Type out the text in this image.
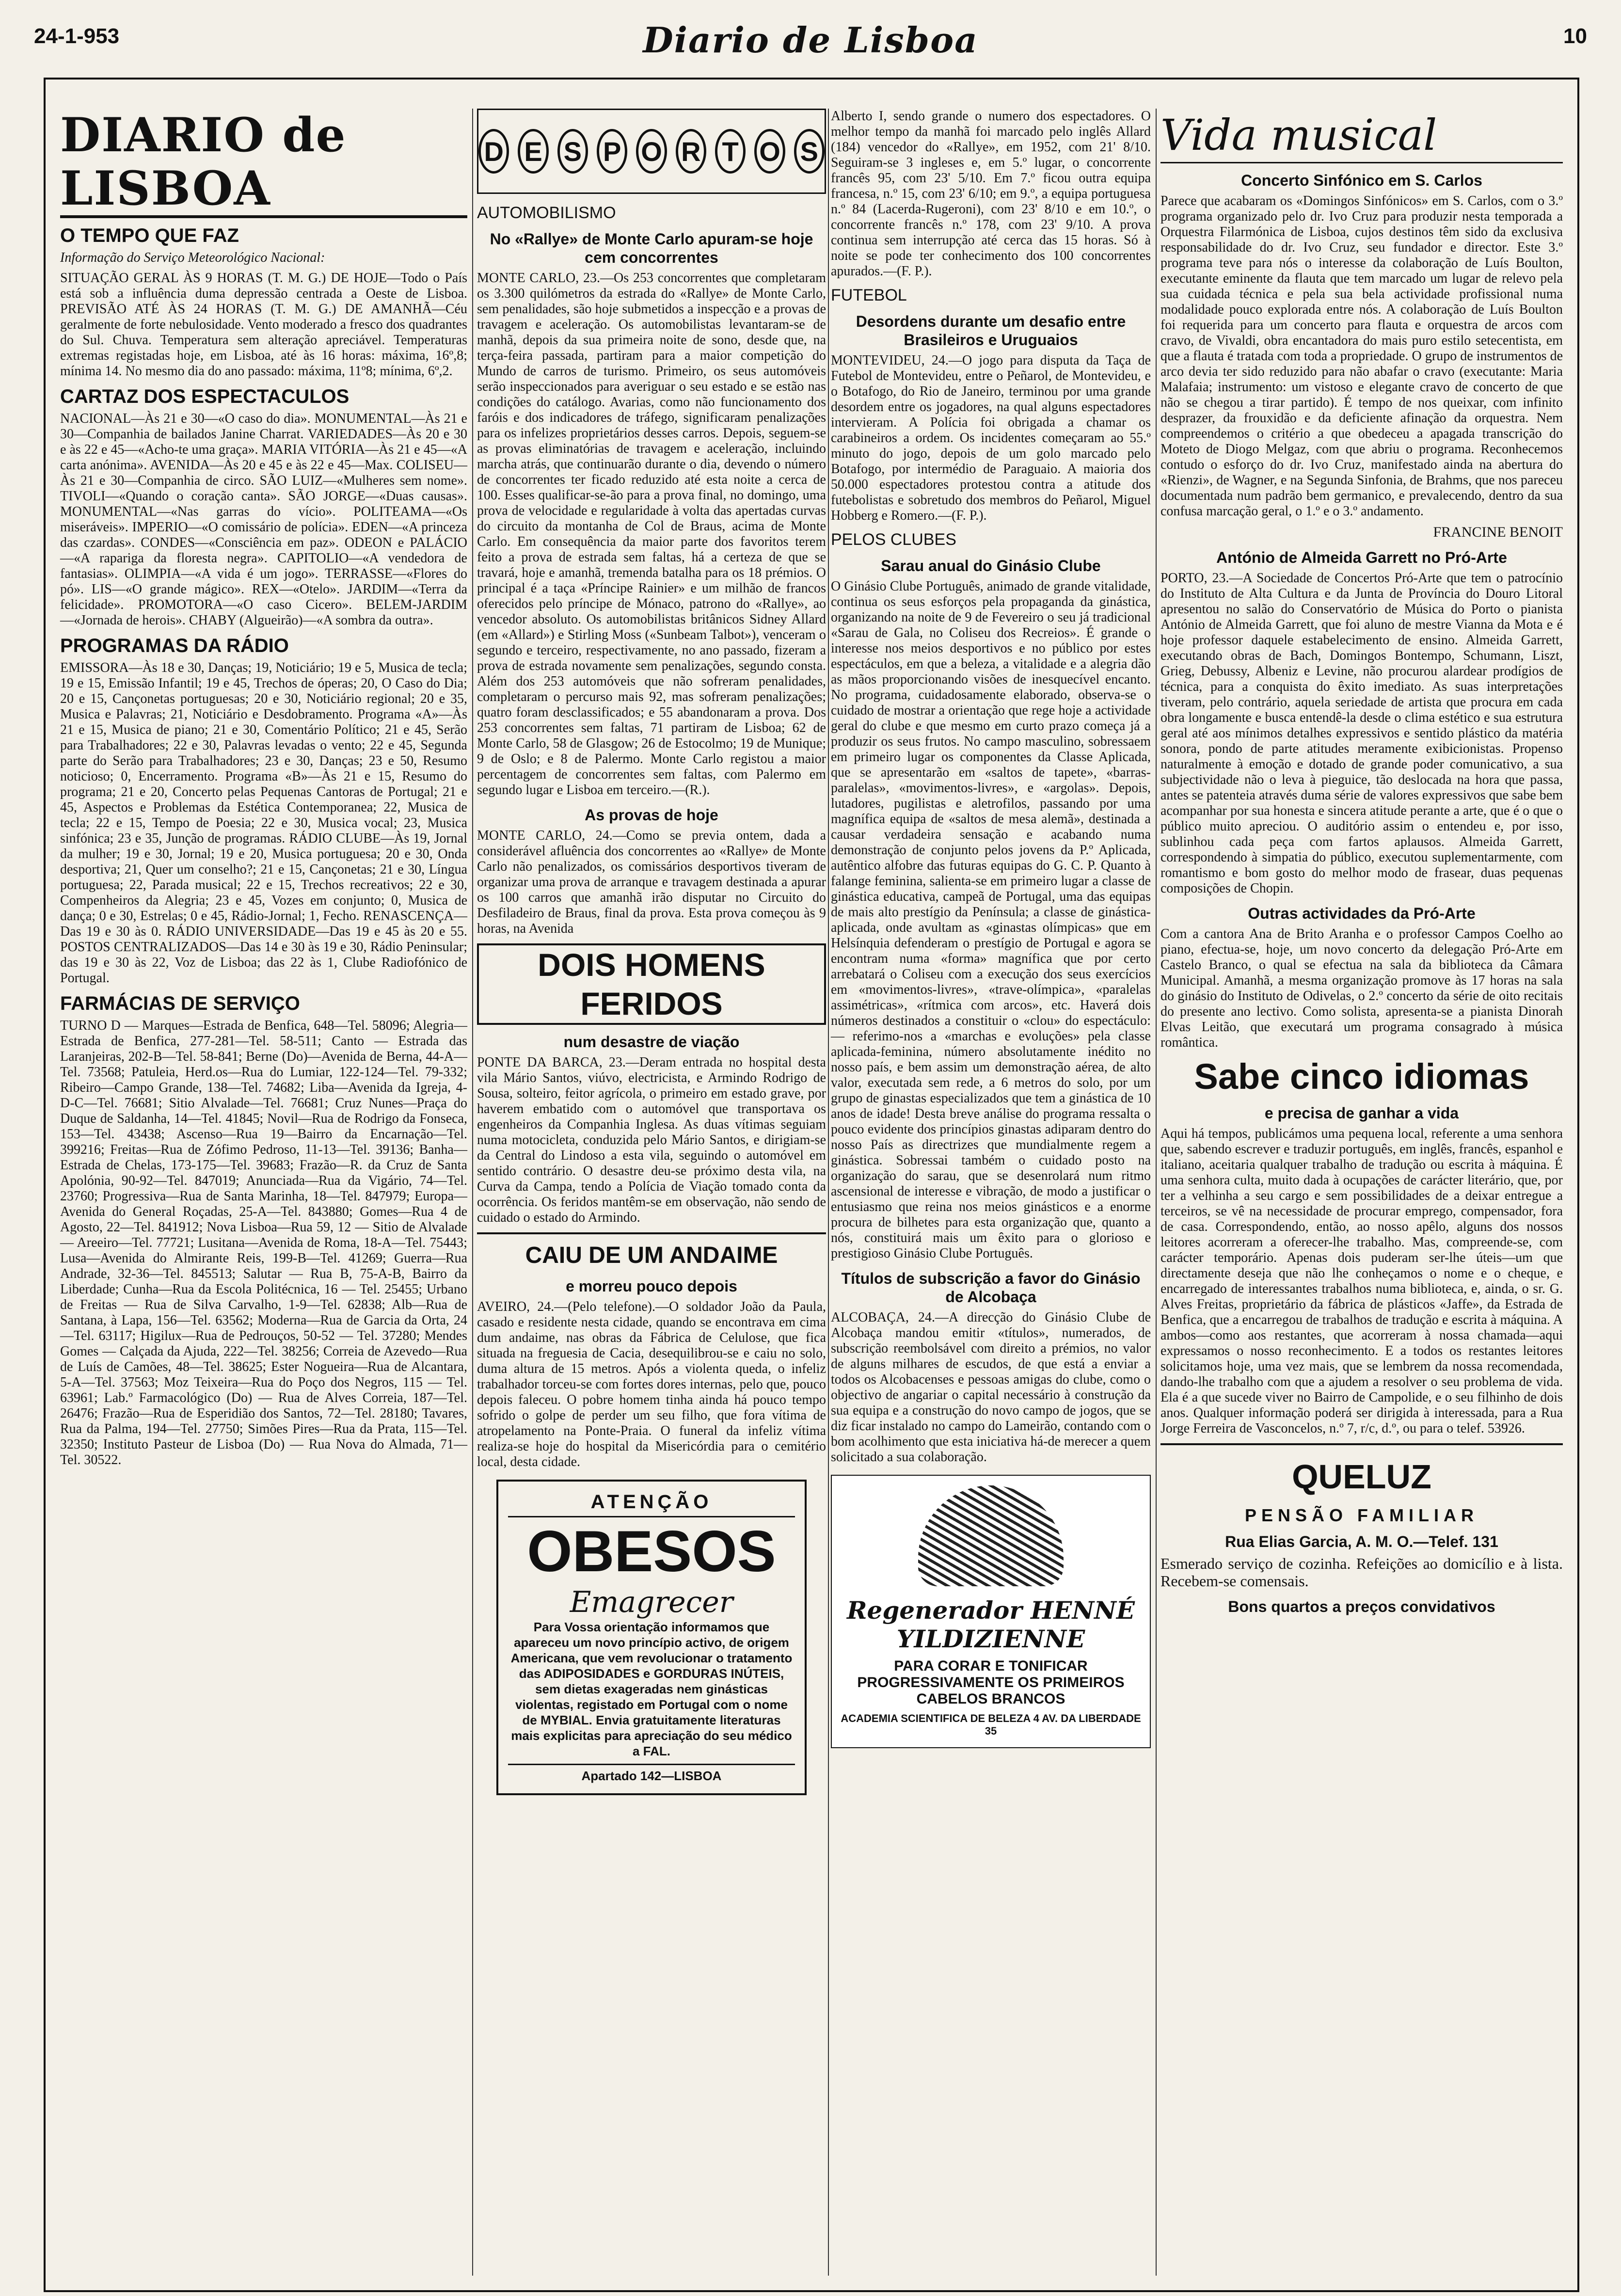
24-1-953	Diario de Lisboa	10
DIARIO de LISBOA
O TEMPO QUE FAZ

Informação do Serviço Meteorológico Nacional:

SITUAÇÃO GERAL ÀS 9 HORAS (T. M. G.) DE HOJE—Todo o País está sob a influência duma depressão centrada a Oeste de Lisboa. PREVISÃO ATÉ ÀS 24 HORAS (T. M. G.) DE AMANHÃ—Céu geralmente de forte nebulosidade. Vento moderado a fresco dos quadrantes do Sul. Chuva. Temperatura sem alteração apreciável. Temperaturas extremas registadas hoje, em Lisboa, até às 16 horas: máxima, 16º,8; mínima 14. No mesmo dia do ano passado: máxima, 11º8; mínima, 6º,2.

CARTAZ DOS ESPECTACULOS

NACIONAL—Às 21 e 30—«O caso do dia». MONUMENTAL—Às 21 e 30—Companhia de bailados Janine Charrat. VARIEDADES—Às 20 e 30 e às 22 e 45—«Acho-te uma graça». MARIA VITÓRIA—Às 21 e 45—«A carta anónima». AVENIDA—Às 20 e 45 e às 22 e 45—Max. COLISEU—Às 21 e 30—Companhia de circo. SÃO LUIZ—«Mulheres sem nome». TIVOLI—«Quando o coração canta». SÃO JORGE—«Duas causas». MONUMENTAL—«Nas garras do vício». POLITEAMA—«Os miseráveis». IMPERIO—«O comissário de polícia». EDEN—«A princeza das czardas». CONDES—«Consciência em paz». ODEON e PALÁCIO—«A rapariga da floresta negra». CAPITOLIO—«A vendedora de fantasias». OLIMPIA—«A vida é um jogo». TERRASSE—«Flores do pó». LIS—«O grande mágico». REX—«Otelo». JARDIM—«Terra da felicidade». PROMOTORA—«O caso Cicero». BELEM-JARDIM—«Jornada de herois». CHABY (Algueirão)—«A sombra da outra».

PROGRAMAS DA RÁDIO

EMISSORA—Às 18 e 30, Danças; 19, Noticiário; 19 e 5, Musica de tecla; 19 e 15, Emissão Infantil; 19 e 45, Trechos de óperas; 20, O Caso do Dia; 20 e 15, Cançonetas portuguesas; 20 e 30, Noticiário regional; 20 e 35, Musica e Palavras; 21, Noticiário e Desdobramento. Programa «A»—Às 21 e 15, Musica de piano; 21 e 30, Comentário Político; 21 e 45, Serão para Trabalhadores; 22 e 30, Palavras levadas o vento; 22 e 45, Segunda parte do Serão para Trabalhadores; 23 e 30, Danças; 23 e 50, Resumo noticioso; 0, Encerramento. Programa «B»—Às 21 e 15, Resumo do programa; 21 e 20, Concerto pelas Pequenas Cantoras de Portugal; 21 e 45, Aspectos e Problemas da Estética Contemporanea; 22, Musica de tecla; 22 e 15, Tempo de Poesia; 22 e 30, Musica vocal; 23, Musica sinfónica; 23 e 35, Junção de programas. RÁDIO CLUBE—Às 19, Jornal da mulher; 19 e 30, Jornal; 19 e 20, Musica portuguesa; 20 e 30, Onda desportiva; 21, Quer um conselho?; 21 e 15, Cançonetas; 21 e 30, Língua portuguesa; 22, Parada musical; 22 e 15, Trechos recreativos; 22 e 30, Compenheiros da Alegria; 23 e 45, Vozes em conjunto; 0, Musica de dança; 0 e 30, Estrelas; 0 e 45, Rádio-Jornal; 1, Fecho. RENASCENÇA—Das 19 e 30 às 0. RÁDIO UNIVERSIDADE—Das 19 e 45 às 20 e 55. POSTOS CENTRALIZADOS—Das 14 e 30 às 19 e 30, Rádio Peninsular; das 19 e 30 às 22, Voz de Lisboa; das 22 às 1, Clube Radiofónico de Portugal.

FARMÁCIAS DE SERVIÇO

TURNO D — Marques—Estrada de Benfica, 648—Tel. 58096; Alegria—Estrada de Benfica, 277-281—Tel. 58-511; Canto — Estrada das Laranjeiras, 202-B—Tel. 58-841; Berne (Do)—Avenida de Berna, 44-A—Tel. 73568; Patuleia, Herd.os—Rua do Lumiar, 122-124—Tel. 79-332; Ribeiro—Campo Grande, 138—Tel. 74682; Liba—Avenida da Igreja, 4-D-C—Tel. 76681; Sitio Alvalade—Tel. 76681; Cruz Nunes—Praça do Duque de Saldanha, 14—Tel. 41845; Novil—Rua de Rodrigo da Fonseca, 153—Tel. 43438; Ascenso—Rua 19—Bairro da Encarnação—Tel. 399216; Freitas—Rua de Zófimo Pedroso, 11-13—Tel. 39136; Banha—Estrada de Chelas, 173-175—Tel. 39683; Frazão—R. da Cruz de Santa Apolónia, 90-92—Tel. 847019; Anunciada—Rua da Vigário, 74—Tel. 23760; Progressiva—Rua de Santa Marinha, 18—Tel. 847979; Europa—Avenida do General Roçadas, 25-A—Tel. 843880; Gomes—Rua 4 de Agosto, 22—Tel. 841912; Nova Lisboa—Rua 59, 12 — Sitio de Alvalade — Areeiro—Tel. 77721; Lusitana—Avenida de Roma, 18-A—Tel. 75443; Lusa—Avenida do Almirante Reis, 199-B—Tel. 41269; Guerra—Rua Andrade, 32-36—Tel. 845513; Salutar — Rua B, 75-A-B, Bairro da Liberdade; Cunha—Rua da Escola Politécnica, 16 — Tel. 25455; Urbano de Freitas — Rua de Silva Carvalho, 1-9—Tel. 62838; Alb—Rua de Santana, à Lapa, 156—Tel. 63562; Moderna—Rua de Garcia da Orta, 24—Tel. 63117; Higilux—Rua de Pedrouços, 50-52 — Tel. 37280; Mendes Gomes — Calçada da Ajuda, 222—Tel. 38256; Correia de Azevedo—Rua de Luís de Camões, 48—Tel. 38625; Ester Nogueira—Rua de Alcantara, 5-A—Tel. 37563; Moz Teixeira—Rua do Poço dos Negros, 115 — Tel. 63961; Lab.º Farmacológico (Do) — Rua de Alves Correia, 187—Tel. 26476; Frazão—Rua de Esperidião dos Santos, 72—Tel. 28180; Tavares, Rua da Palma, 194—Tel. 27750; Simões Pires—Rua da Prata, 115—Tel. 32350; Instituto Pasteur de Lisboa (Do) — Rua Nova do Almada, 71—Tel. 30522.

D E S P O R T O S
AUTOMOBILISMO
No «Rallye» de Monte Carlo apuram-se hoje cem concorrentes

MONTE CARLO, 23.—Os 253 concorrentes que completaram os 3.300 quilómetros da estrada do «Rallye» de Monte Carlo, sem penalidades, são hoje submetidos a inspecção e a provas de travagem e aceleração. Os automobilistas levantaram-se de manhã, depois da sua primeira noite de sono, desde que, na terça-feira passada, partiram para a maior competição do Mundo de carros de turismo. Primeiro, os seus automóveis serão inspeccionados para averiguar o seu estado e se estão nas condições do catálogo. Avarias, como não funcionamento dos faróis e dos indicadores de tráfego, significaram penalizações para os infelizes proprietários desses carros. Depois, seguem-se as provas eliminatórias de travagem e aceleração, incluindo marcha atrás, que continuarão durante o dia, devendo o número de concorrentes ter ficado reduzido até esta noite a cerca de 100. Esses qualificar-se-ão para a prova final, no domingo, uma prova de velocidade e regularidade à volta das apertadas curvas do circuito da montanha de Col de Braus, acima de Monte Carlo. Em consequência da maior parte dos favoritos terem feito a prova de estrada sem faltas, há a certeza de que se travará, hoje e amanhã, tremenda batalha para os 18 prémios. O principal é a taça «Príncipe Rainier» e um milhão de francos oferecidos pelo príncipe de Mónaco, patrono do «Rallye», ao vencedor absoluto. Os automobilistas britânicos Sidney Allard (em «Allard») e Stirling Moss («Sunbeam Talbot»), venceram o segundo e terceiro, respectivamente, no ano passado, fizeram a prova de estrada novamente sem penalizações, segundo consta. Além dos 253 automóveis que não sofreram penalidades, completaram o percurso mais 92, mas sofreram penalizações; quatro foram desclassificados; e 55 abandonaram a prova. Dos 253 concorrentes sem faltas, 71 partiram de Lisboa; 62 de Monte Carlo, 58 de Glasgow; 26 de Estocolmo; 19 de Munique; 9 de Oslo; e 8 de Palermo. Monte Carlo registou a maior percentagem de concorrentes sem faltas, com Palermo em segundo lugar e Lisboa em terceiro.—(R.).

As provas de hoje

MONTE CARLO, 24.—Como se previa ontem, dada a considerável afluência dos concorrentes ao «Rallye» de Monte Carlo não penalizados, os comissários desportivos tiveram de organizar uma prova de arranque e travagem destinada a apurar os 100 carros que amanhã irão disputar no Circuito do Desfiladeiro de Braus, final da prova. Esta prova começou às 9 horas, na Avenida

DOIS HOMENS FERIDOS
num desastre de viação

PONTE DA BARCA, 23.—Deram entrada no hospital desta vila Mário Santos, viúvo, electricista, e Armindo Rodrigo de Sousa, solteiro, feitor agrícola, o primeiro em estado grave, por haverem embatido com o automóvel que transportava os engenheiros da Companhia Inglesa. As duas vítimas seguiam numa motocicleta, conduzida pelo Mário Santos, e dirigiam-se da Central do Lindoso a esta vila, seguindo o automóvel em sentido contrário. O desastre deu-se próximo desta vila, na Curva da Campa, tendo a Polícia de Viação tomado conta da ocorrência. Os feridos mantêm-se em observação, não sendo de cuidado o estado do Armindo.

CAIU DE UM ANDAIME
e morreu pouco depois

AVEIRO, 24.—(Pelo telefone).—O soldador João da Paula, casado e residente nesta cidade, quando se encontrava em cima dum andaime, nas obras da Fábrica de Celulose, que fica situada na freguesia de Cacia, desequilibrou-se e caiu no solo, duma altura de 15 metros. Após a violenta queda, o infeliz trabalhador torceu-se com fortes dores internas, pelo que, pouco depois faleceu. O pobre homem tinha ainda há pouco tempo sofrido o golpe de perder um seu filho, que fora vítima de atropelamento na Ponte-Praia. O funeral da infeliz vítima realiza-se hoje do hospital da Misericórdia para o cemitério local, desta cidade.

ATENÇÃO
OBESOS
Emagrecer
Para Vossa orientação informamos que apareceu um novo princípio activo, de origem Americana, que vem revolucionar o tratamento das ADIPOSIDADES e GORDURAS INÚTEIS, sem dietas exageradas nem ginásticas violentas, registado em Portugal com o nome de MYBIAL. Envia gratuitamente literaturas mais explicitas para apreciação do seu médico a FAL.
Apartado 142—LISBOA

Alberto I, sendo grande o numero dos espectadores. O melhor tempo da manhã foi marcado pelo inglês Allard (184) vencedor do «Rallye», em 1952, com 21' 8/10. Seguiram-se 3 ingleses e, em 5.º lugar, o concorrente francês 95, com 23' 5/10. Em 7.º ficou outra equipa francesa, n.º 15, com 23' 6/10; em 9.º, a equipa portuguesa n.º 84 (Lacerda-Rugeroni), com 23' 8/10 e em 10.º, o concorrente francês n.º 178, com 23' 9/10. A prova continua sem interrupção até cerca das 15 horas. Só à noite se pode ter conhecimento dos 100 concorrentes apurados.—(F. P.).

FUTEBOL
Desordens durante um desafio entre Brasileiros e Uruguaios

MONTEVIDEU, 24.—O jogo para disputa da Taça de Futebol de Montevideu, entre o Peñarol, de Montevideu, e o Botafogo, do Rio de Janeiro, terminou por uma grande desordem entre os jogadores, na qual alguns espectadores intervieram. A Polícia foi obrigada a chamar os carabineiros a ordem. Os incidentes começaram ao 55.º minuto do jogo, depois de um golo marcado pelo Botafogo, por intermédio de Paraguaio. A maioria dos 50.000 espectadores protestou contra a atitude dos futebolistas e sobretudo dos membros do Peñarol, Miguel Hobberg e Romero.—(F. P.).

PELOS CLUBES
Sarau anual do Ginásio Clube

O Ginásio Clube Português, animado de grande vitalidade, continua os seus esforços pela propaganda da ginástica, organizando na noite de 9 de Fevereiro o seu já tradicional «Sarau de Gala, no Coliseu dos Recreios». É grande o interesse nos meios desportivos e no público por estes espectáculos, em que a beleza, a vitalidade e a alegria dão as mãos proporcionando visões de inesquecível encanto. No programa, cuidadosamente elaborado, observa-se o cuidado de mostrar a orientação que rege hoje a actividade geral do clube e que mesmo em curto prazo começa já a produzir os seus frutos. No campo masculino, sobressaem em primeiro lugar os componentes da Classe Aplicada, que se apresentarão em «saltos de tapete», «barras-paralelas», «movimentos-livres», e «argolas». Depois, lutadores, pugilistas e aletrofilos, passando por uma magnífica equipa de «saltos de mesa alemã», destinada a causar verdadeira sensação e acabando numa demonstração de conjunto pelos jovens da P.º Aplicada, autêntico alfobre das futuras equipas do G. C. P. Quanto à falange feminina, salienta-se em primeiro lugar a classe de ginástica educativa, campeã de Portugal, uma das equipas de mais alto prestígio da Península; a classe de ginástica-aplicada, onde avultam as «ginastas olímpicas» que em Helsínquia defenderam o prestígio de Portugal e agora se encontram numa «forma» magnífica que por certo arrebatará o Coliseu com a execução dos seus exercícios em «movimentos-livres», «trave-olímpica», «paralelas assimétricas», «rítmica com arcos», etc. Haverá dois números destinados a constituir o «clou» do espectáculo: — referimo-nos a «marchas e evoluções» pela classe aplicada-feminina, número absolutamente inédito no nosso país, e bem assim um demonstração aérea, de alto valor, executada sem rede, a 6 metros do solo, por um grupo de ginastas especializados que tem a ginástica de 10 anos de idade! Desta breve análise do programa ressalta o pouco evidente dos princípios ginastas adiparam dentro do nosso País as directrizes que mundialmente regem a ginástica. Sobressai também o cuidado posto na organização do sarau, que se desenrolará num ritmo ascensional de interesse e vibração, de modo a justificar o entusiasmo que reina nos meios ginásticos e a enorme procura de bilhetes para esta organização que, quanto a nós, constituirá mais um êxito para o glorioso e prestigioso Ginásio Clube Português.

Títulos de subscrição a favor do Ginásio de Alcobaça

ALCOBAÇA, 24.—A direcção do Ginásio Clube de Alcobaça mandou emitir «títulos», numerados, de subscrição reembolsável com direito a prémios, no valor de alguns milhares de escudos, de que está a enviar a todos os Alcobacenses e pessoas amigas do clube, como o objectivo de angariar o capital necessário à construção da sua equipa e a construção do novo campo de jogos, que se diz ficar instalado no campo do Lameirão, contando com o bom acolhimento que esta iniciativa há-de merecer a quem solicitado a sua colaboração.

Regenerador HENNÉ YILDIZIENNE
PARA CORAR E TONIFICAR PROGRESSIVAMENTE OS PRIMEIROS CABELOS BRANCOS
ACADEMIA SCIENTIFICA DE BELEZA 4 AV. DA LIBERDADE 35
Vida musical
Concerto Sinfónico em S. Carlos

Parece que acabaram os «Domingos Sinfónicos» em S. Carlos, com o 3.º programa organizado pelo dr. Ivo Cruz para produzir nesta temporada a Orquestra Filarmónica de Lisboa, cujos destinos têm sido da exclusiva responsabilidade do dr. Ivo Cruz, seu fundador e director. Este 3.º programa teve para nós o interesse da colaboração de Luís Boulton, executante eminente da flauta que tem marcado um lugar de relevo pela sua cuidada técnica e pela sua bela actividade profissional numa modalidade pouco explorada entre nós. A colaboração de Luís Boulton foi requerida para um concerto para flauta e orquestra de arcos com cravo, de Vivaldi, obra encantadora do mais puro estilo setecentista, em que a flauta é tratada com toda a propriedade. O grupo de instrumentos de arco devia ter sido reduzido para não abafar o cravo (executante: Maria Malafaia; instrumento: um vistoso e elegante cravo de concerto de que não se chegou a tirar partido). É tempo de nos queixar, com infinito desprazer, da frouxidão e da deficiente afinação da orquestra. Nem compreendemos o critério a que obedeceu a apagada transcrição do Moteto de Diogo Melgaz, com que abriu o programa. Reconhecemos contudo o esforço do dr. Ivo Cruz, manifestado ainda na abertura do «Rienzi», de Wagner, e na Segunda Sinfonia, de Brahms, que nos pareceu documentada num padrão bem germanico, e prevalecendo, dentro da sua confusa marcação geral, o 1.º e o 3.º andamento.

FRANCINE BENOIT
António de Almeida Garrett no Pró-Arte

PORTO, 23.—A Sociedade de Concertos Pró-Arte que tem o patrocínio do Instituto de Alta Cultura e da Junta de Província do Douro Litoral apresentou no salão do Conservatório de Música do Porto o pianista António de Almeida Garrett, que foi aluno de mestre Vianna da Mota e é hoje professor daquele estabelecimento de ensino. Almeida Garrett, executando obras de Bach, Domingos Bontempo, Schumann, Liszt, Grieg, Debussy, Albeniz e Levine, não procurou alardear prodígios de técnica, para a conquista do êxito imediato. As suas interpretações tiveram, pelo contrário, aquela seriedade de artista que procura em cada obra longamente e busca entendê-la desde o clima estético e sua estrutura geral até aos mínimos detalhes expressivos e sentido plástico da matéria sonora, pondo de parte atitudes meramente exibicionistas. Propenso naturalmente à emoção e dotado de grande poder comunicativo, a sua subjectividade não o leva à pieguice, tão deslocada na hora que passa, antes se patenteia através duma série de valores expressivos que sabe bem acompanhar por sua honesta e sincera atitude perante a arte, que é o que o público muito apreciou. O auditório assim o entendeu e, por isso, sublinhou cada peça com fartos aplausos. Almeida Garrett, correspondendo à simpatia do público, executou suplementarmente, com romantismo e bom gosto do melhor modo de frasear, duas pequenas composições de Chopin.

Outras actividades da Pró-Arte

Com a cantora Ana de Brito Aranha e o professor Campos Coelho ao piano, efectua-se, hoje, um novo concerto da delegação Pró-Arte em Castelo Branco, o qual se efectua na sala da biblioteca da Câmara Municipal. Amanhã, a mesma organização promove às 17 horas na sala do ginásio do Instituto de Odivelas, o 2.º concerto da série de oito recitais do presente ano lectivo. Como solista, apresenta-se a pianista Dinorah Elvas Leitão, que executará um programa consagrado à música romântica.

Sabe cinco idiomas
e precisa de ganhar a vida

Aqui há tempos, publicámos uma pequena local, referente a uma senhora que, sabendo escrever e traduzir português, em inglês, francês, espanhol e italiano, aceitaria qualquer trabalho de tradução ou escrita à máquina. É uma senhora culta, muito dada à ocupações de carácter literário, que, por ter a velhinha a seu cargo e sem possibilidades de a deixar entregue a terceiros, se vê na necessidade de procurar emprego, compensador, fora de casa. Correspondendo, então, ao nosso apêlo, alguns dos nossos leitores acorreram a oferecer-lhe trabalho. Mas, compreende-se, com carácter temporário. Apenas dois puderam ser-lhe úteis—um que directamente deseja que não lhe conheçamos o nome e o cheque, e encarregado de interessantes trabalhos numa biblioteca, e, ainda, o sr. G. Alves Freitas, proprietário da fábrica de plásticos «Jaffe», da Estrada de Benfica, que a encarregou de trabalhos de tradução e escrita à máquina. A ambos—como aos restantes, que acorreram à nossa chamada—aqui expressamos o nosso reconhecimento. E a todos os restantes leitores solicitamos hoje, uma vez mais, que se lembrem da nossa recomendada, dando-lhe trabalho com que a ajudem a resolver o seu problema de vida. Ela é a que sucede viver no Bairro de Campolide, e o seu filhinho de dois anos. Qualquer informação poderá ser dirigida à interessada, para a Rua Jorge Ferreira de Vasconcelos, n.º 7, r/c, d.º, ou para o telef. 53926.

QUELUZ
PENSÃO FAMILIAR
Rua Elias Garcia, A. M. O.—Telef. 131

Esmerado serviço de cozinha. Refeições ao domicílio e à lista. Recebem-se comensais.

Bons quartos a preços convidativos
